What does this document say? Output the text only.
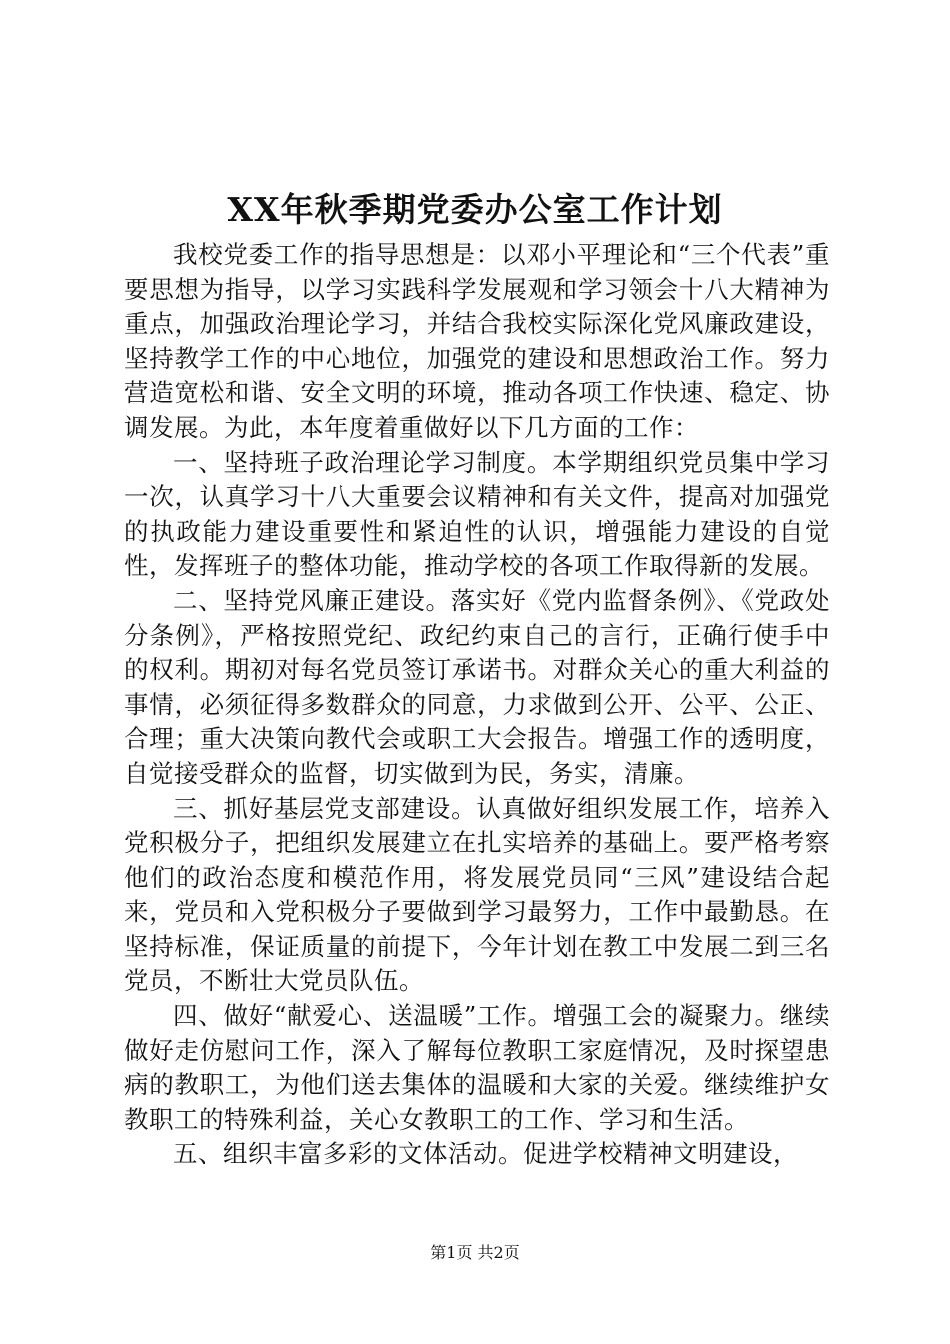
XX年秋季期党委办公室工作计划

我校党委工作的指导思想是：以邓小平理论和“三个代表”重要思想为指导，以学习实践科学发展观和学习领会十八大精神为重点，加强政治理论学习，并结合我校实际深化党风廉政建设，坚持教学工作的中心地位，加强党的建设和思想政治工作。努力营造宽松和谐、安全文明的环境，推动各项工作快速、稳定、协调发展。为此，本年度着重做好以下几方面的工作：

一、坚持班子政治理论学习制度。本学期组织党员集中学习一次，认真学习十八大重要会议精神和有关文件，提高对加强党的执政能力建设重要性和紧迫性的认识，增强能力建设的自觉性，发挥班子的整体功能，推动学校的各项工作取得新的发展。

二、坚持党风廉正建设。落实好《党内监督条例》、《党政处分条例》，严格按照党纪、政纪约束自己的言行，正确行使手中的权利。期初对每名党员签订承诺书。对群众关心的重大利益的事情，必须征得多数群众的同意，力求做到公开、公平、公正、合理；重大决策向教代会或职工大会报告。增强工作的透明度，自觉接受群众的监督，切实做到为民，务实，清廉。

三、抓好基层党支部建设。认真做好组织发展工作，培养入党积极分子，把组织发展建立在扎实培养的基础上。要严格考察他们的政治态度和模范作用，将发展党员同“三风”建设结合起来，党员和入党积极分子要做到学习最努力，工作中最勤恳。在坚持标准，保证质量的前提下，今年计划在教工中发展二到三名党员，不断壮大党员队伍。

四、做好“献爱心、送温暖”工作。增强工会的凝聚力。继续做好走仿慰问工作，深入了解每位教职工家庭情况，及时探望患病的教职工，为他们送去集体的温暖和大家的关爱。继续维护女教职工的特殊利益，关心女教职工的工作、学习和生活。

五、组织丰富多彩的文体活动。促进学校精神文明建设，

第1页 共2页
